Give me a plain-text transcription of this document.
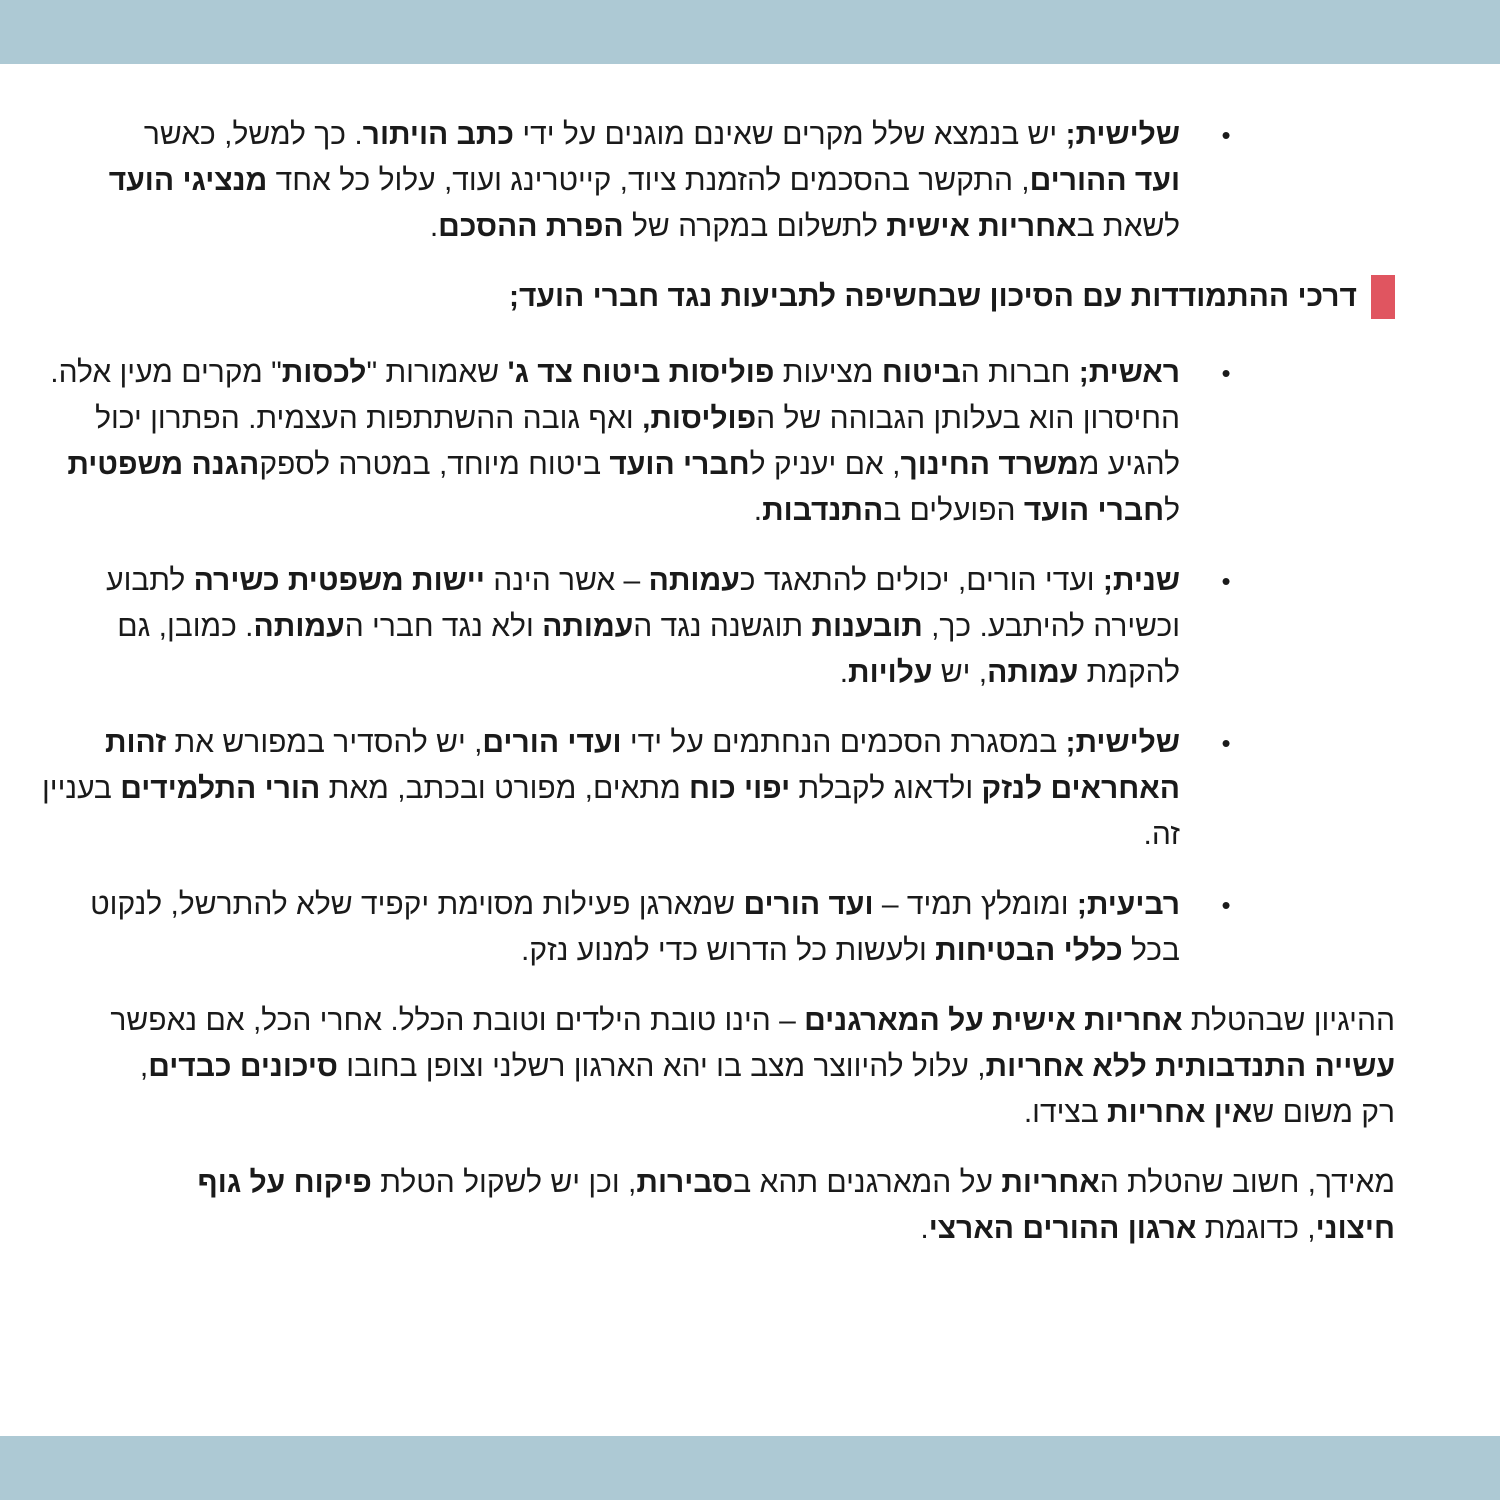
•

שלישית; יש בנמצא שלל מקרים שאינם מוגנים על ידי כתב הויתור. כך למשל, כאשר ועד ההורים, התקשר בהסכמים להזמנת ציוד, קייטרינג ועוד, עלול כל אחד מנציגי הועד לשאת באחריות אישית לתשלום במקרה של הפרת ההסכם.

דרכי ההתמודדות עם הסיכון שבחשיפה לתביעות נגד חברי הועד;
•

ראשית; חברות הביטוח מציעות פוליסות ביטוח צד ג' שאמורות "לכסות" מקרים מעין אלה. החיסרון הוא בעלותן הגבוהה של הפוליסות, ואף גובה ההשתתפות העצמית. הפתרון יכול להגיע ממשרד החינוך, אם יעניק לחברי הועד ביטוח מיוחד, במטרה לספקהגנה משפטית לחברי הועד הפועלים בהתנדבות.

•

שנית; ועדי הורים, יכולים להתאגד כעמותה – אשר הינה יישות משפטית כשירה לתבוע וכשירה להיתבע. כך, תובענות תוגשנה נגד העמותה ולא נגד חברי העמותה. כמובן, גם להקמת עמותה, יש עלויות.

•

שלישית; במסגרת הסכמים הנחתמים על ידי ועדי הורים, יש להסדיר במפורש את זהות האחראים לנזק ולדאוג לקבלת יפוי כוח מתאים, מפורט ובכתב, מאת הורי התלמידים בעניין זה.

•

רביעית; ומומלץ תמיד – ועד הורים שמארגן פעילות מסוימת יקפיד שלא להתרשל, לנקוט בכל כללי הבטיחות ולעשות כל הדרוש כדי למנוע נזק.

ההיגיון שבהטלת אחריות אישית על המארגנים – הינו טובת הילדים וטובת הכלל. אחרי הכל, אם נאפשר עשייה התנדבותית ללא אחריות, עלול להיווצר מצב בו יהא הארגון רשלני וצופן בחובו סיכונים כבדים, רק משום שאין אחריות בצידו.

מאידך, חשוב שהטלת האחריות על המארגנים תהא בסבירות, וכן יש לשקול הטלת פיקוח על גוף חיצוני, כדוגמת ארגון ההורים הארצי.
